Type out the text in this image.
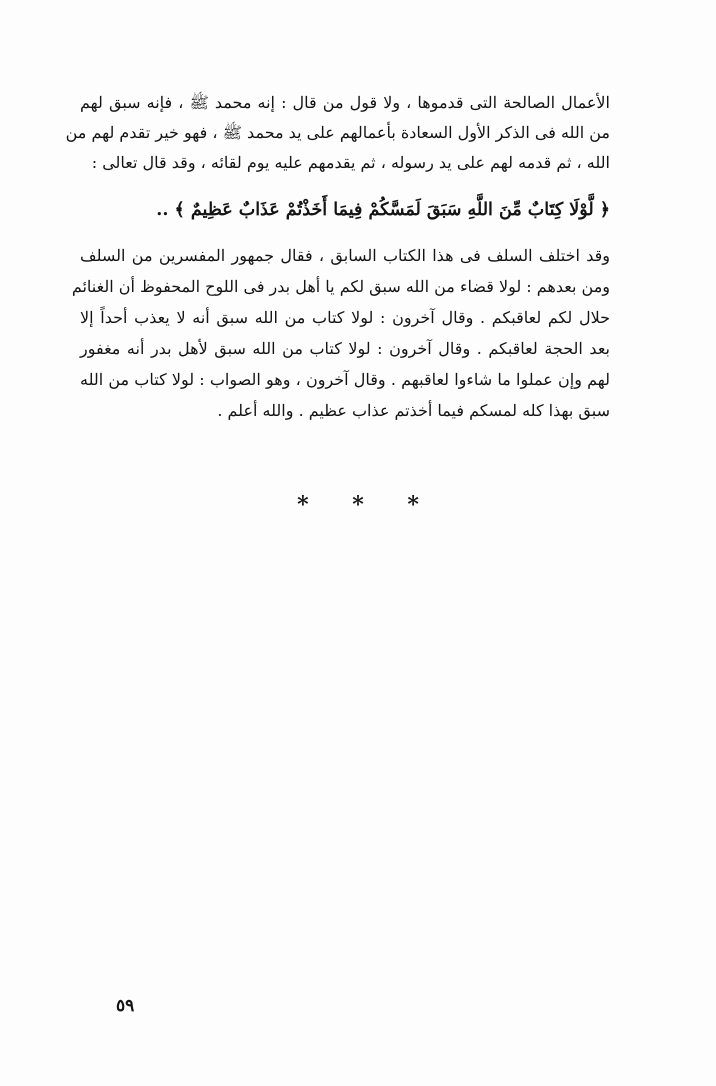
الأعمال الصالحة التى قدموها ، ولا قول من قال : إنه محمد ﷺ ، فإنه سبق لهم
من الله فى الذكر الأول السعادة بأعمالهم على يد محمد ﷺ ، فهو خير تقدم لهم من
الله ، ثم قدمه لهم على يد رسوله ، ثم يقدمهم عليه يوم لقائه ، وقد قال تعالى :
﴿ لَّوْلَا كِتَابٌ مِّنَ اللَّهِ سَبَقَ لَمَسَّكُمْ فِيمَا أَخَذْتُمْ عَذَابٌ عَظِيمٌ ﴾ ..
وقد اختلف السلف فى هذا الكتاب السابق ، فقال جمهور المفسرين من السلف
ومن بعدهم : لولا قضاء من الله سبق لكم يا أهل بدر فى اللوح المحفوظ أن الغنائم
حلال لكم لعاقبكم . وقال آخرون : لولا كتاب من الله سبق أنه لا يعذب أحداً إلا
بعد الحجة لعاقبكم . وقال آخرون : لولا كتاب من الله سبق لأهل بدر أنه مغفور
لهم وإن عملوا ما شاءوا لعاقبهم . وقال آخرون ، وهو الصواب : لولا كتاب من الله
سبق بهذا كله لمسكم فيما أخذتم عذاب عظيم . والله أعلم .
* * *
٥٩
